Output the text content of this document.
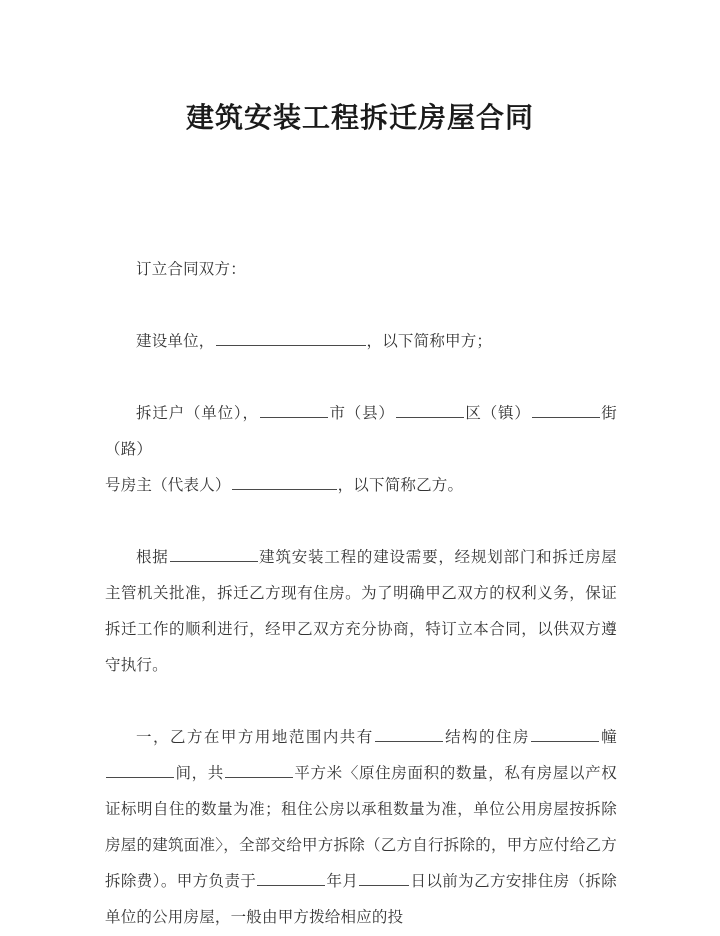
建筑安装工程拆迁房屋合同

订立合同双方：

建设单位，	，以下简称甲方；

拆迁户（单位），	市（县）	区（镇）	街（路）

号房主（代表人）	，以下简称乙方。

根据	建筑安装工程的建设需要，经规划部门和拆迁房屋主管机关批准，拆迁乙方现有住房。为了明确甲乙双方的权利义务，保证拆迁工作的顺利进行，经甲乙双方充分协商，特订立本合同，以供双方遵守执行。

一，乙方在甲方用地范围内共有	结构的住房	幢间，共	平方米〈原住房面积的数量，私有房屋以产权证标明自住的数量为准；租住公房以承租数量为准，单位公用房屋按拆除房屋的建筑面准〉，全部交给甲方拆除（乙方自行拆除的，甲方应付给乙方拆除费）。甲方负责于	年月	日以前为乙方安排住房（拆除单位的公用房屋，一般由甲方拨给相应的投
